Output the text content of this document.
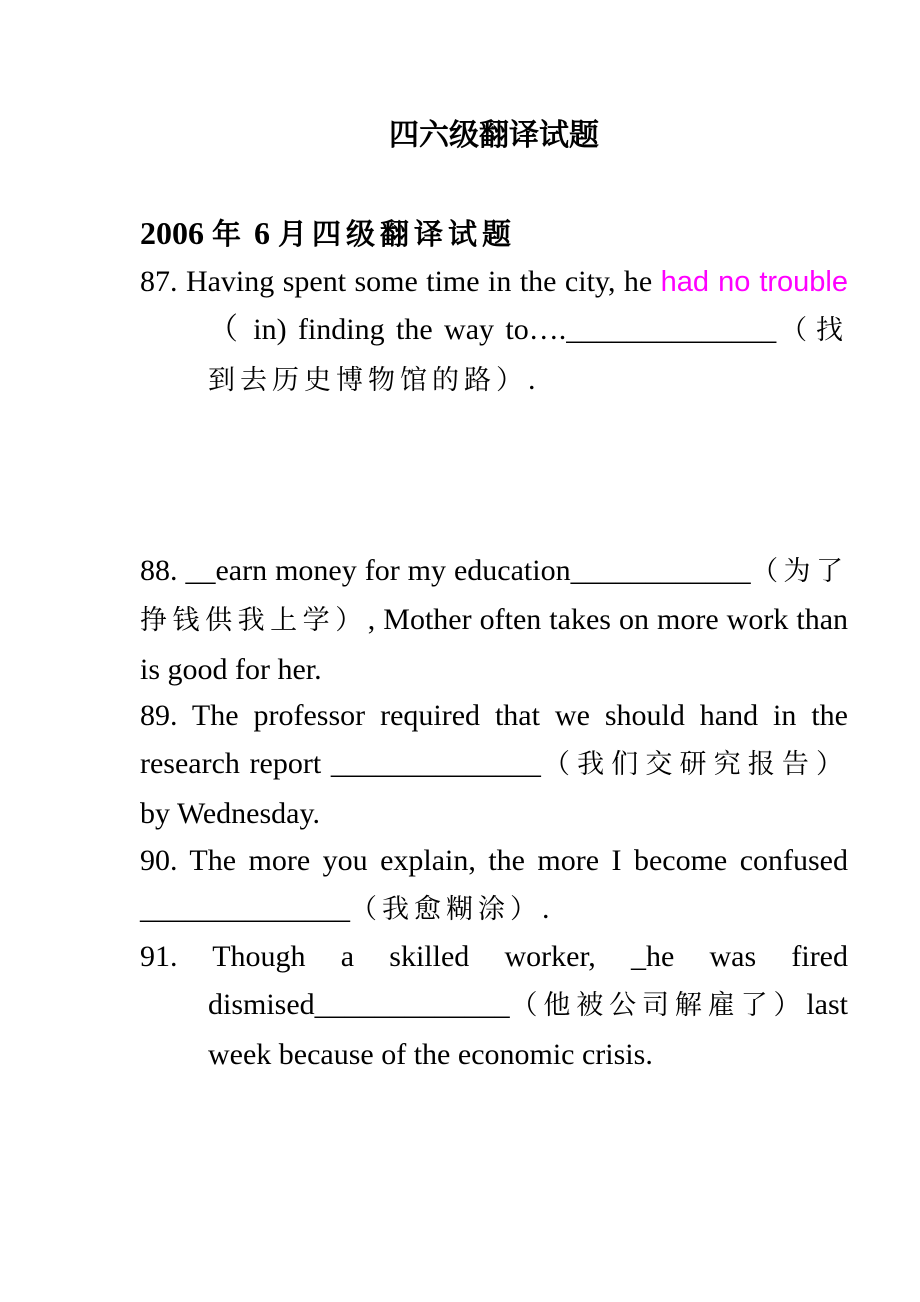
四六级翻译试题
2006 年 6 月四级翻译试题

87. Having spent some time in the city, he had no trouble （ in) finding the way to….______________（找到去历史博物馆的路）.

88. __earn money for my education____________（为了挣钱供我上学）, Mother often takes on more work than is good for her.

89. The professor required that we should hand in the research report ______________（我们交研究报告）by Wednesday.

90. The more you explain, the more I become confused ______________（我愈糊涂）.

91. Though a skilled worker, _he was fired dismised_____________（他被公司解雇了）last week because of the economic crisis.
